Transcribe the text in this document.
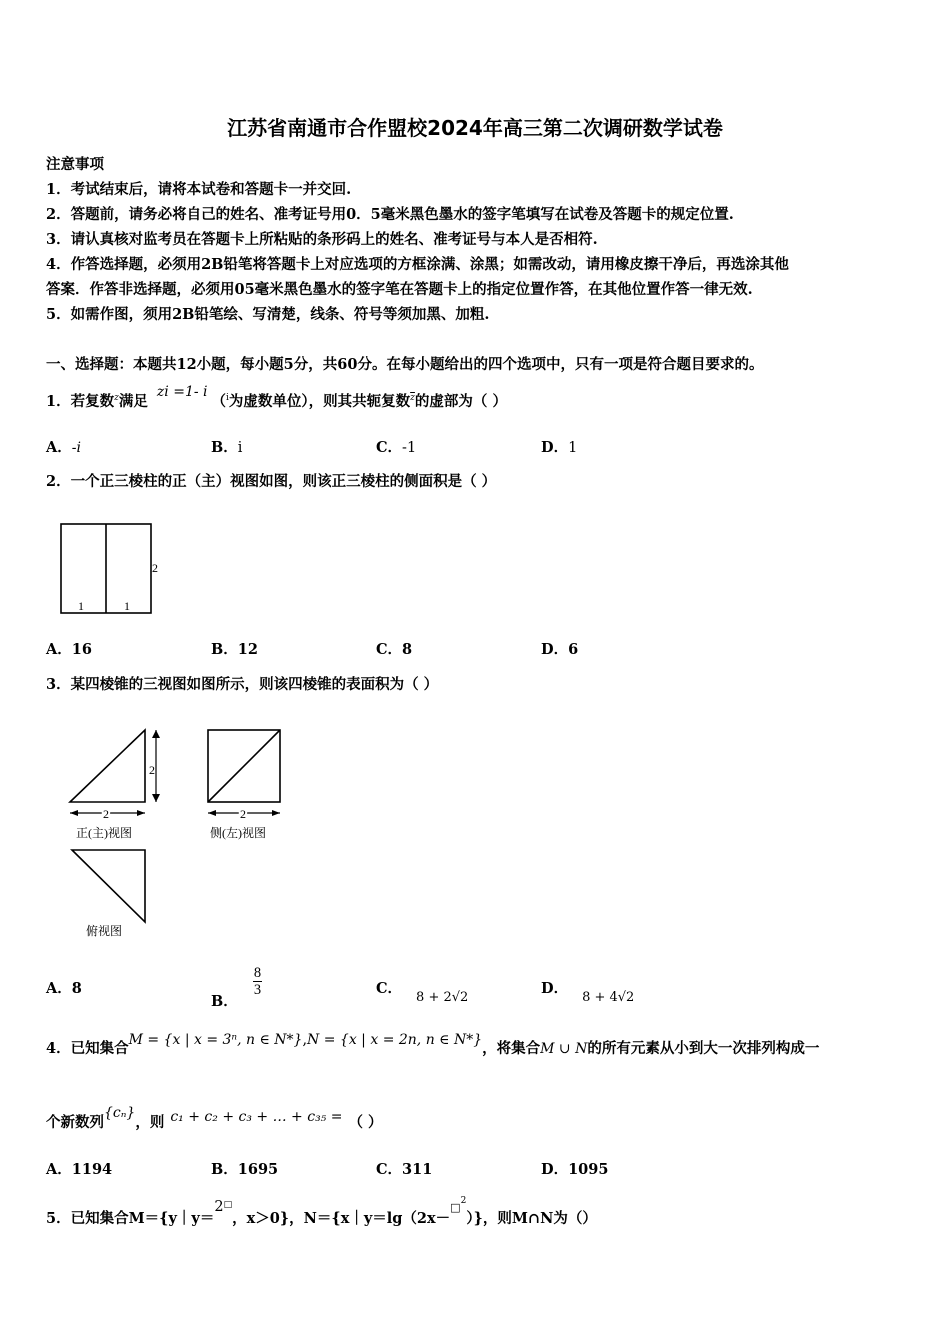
江苏省南通市合作盟校2024年高三第二次调研数学试卷
注意事项
1．考试结束后，请将本试卷和答题卡一并交回.
2．答题前，请务必将自己的姓名、准考证号用0．5毫米黑色墨水的签字笔填写在试卷及答题卡的规定位置.
3．请认真核对监考员在答题卡上所粘贴的条形码上的姓名、准考证号与本人是否相符.
4．作答选择题，必须用2B铅笔将答题卡上对应选项的方框涂满、涂黑；如需改动，请用橡皮擦干净后，再选涂其他
答案．作答非选择题，必须用05毫米黑色墨水的签字笔在答题卡上的指定位置作答，在其他位置作答一律无效.
5．如需作图，须用2B铅笔绘、写清楚，线条、符号等须加黑、加粗.
一、选择题：本题共12小题，每小题5分，共60分。在每小题给出的四个选项中，只有一项是符合题目要求的。
1．若复数$^z$满足 zi =1- i（$^i$为虚数单位），则其共轭复数$^{\overline{z}}$的虚部为（ ）
A．-i	B．i	C．-1	D．1
2．一个正三棱柱的正（主）视图如图，则该正三棱柱的侧面积是（ ）
2
1	1
A．16	B．12	C．8	D．6
3．某四棱锥的三视图如图所示，则该四棱锥的表面积为（ ）
2
2
正(主)视图
2
侧(左)视图
俯视图
A．8
B．
$\frac{8}{3}$	C．8 + 2√2
D．8 + 4√2
4．已知集合M = {x | x = 3ⁿ, n ∈ N*},N = {x | x = 2n, n ∈ N*}，将集合M ∪ N的所有元素从小到大一次排列构成一
个新数列{cₙ}，则 c₁ + c₂ + c₃ + … + c₃₅ = （ ）
A．1194	B．1695	C．311	D．1095
5．已知集合M＝{y｜y＝2□，x＞0}，N＝{x｜y＝lg（2x－$^{□2}$）}，则M∩N为（）
